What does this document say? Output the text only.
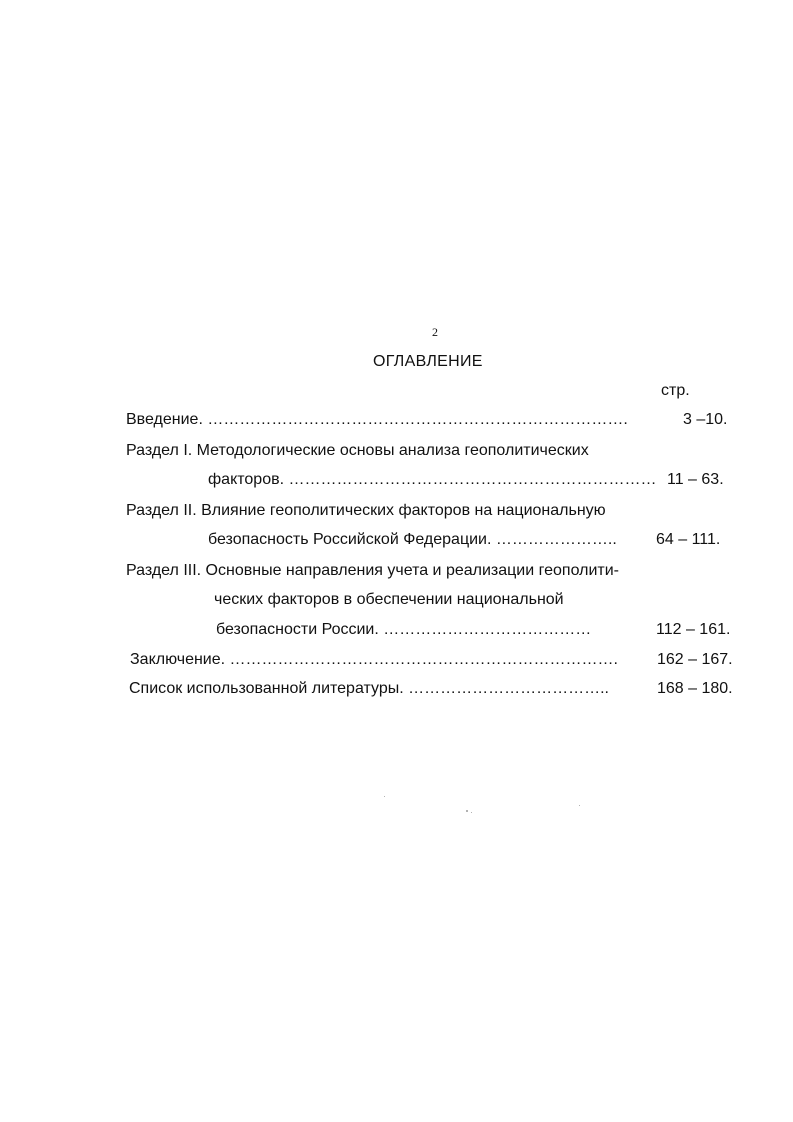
2
ОГЛАВЛЕНИЕ
стр.
Введение. …………………………………………………………………….	3 –10.
Раздел I. Методологические основы анализа геополитических
факторов. …………………………………………………………… 11 – 63.
Раздел II. Влияние геополитических факторов на национальную
безопасность Российской Федерации. ………………….. 64 – 111.
Раздел III. Основные направления учета и реализации геополити-
ческих факторов в обеспечении национальной
безопасности России. …………………………………	112 – 161.
Заключение. ………………………………………………………………. 162 – 167.
Список использованной литературы. ………………………………..	168 – 180.
